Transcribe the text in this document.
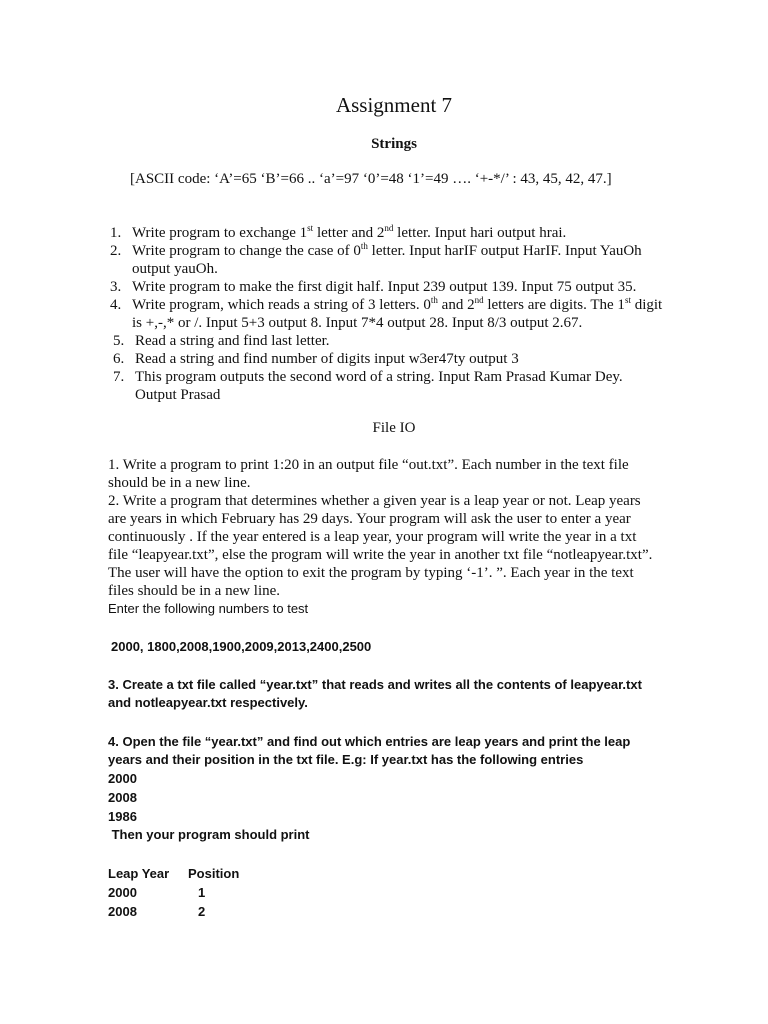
Assignment 7
Strings
[ASCII code: ‘A’=65 ‘B’=66 .. ‘a’=97 ‘0’=48 ‘1’=49 …. ‘+-*/’ : 43, 45, 42, 47.]
1. Write program to exchange 1st letter and 2nd letter. Input hari output hrai.
2. Write program to change the case of 0th letter. Input harIF output HarIF. Input YauOh output yauOh.
3. Write program to make the first digit half. Input 239 output 139. Input 75 output 35.
4. Write program, which reads a string of 3 letters. 0th and 2nd letters are digits. The 1st digit is +,-,* or /. Input 5+3 output 8. Input 7*4 output 28. Input 8/3 output 2.67.
5. Read a string and find last letter.
6. Read a string and find number of digits input w3er47ty output 3
7. This program outputs the second word of a string. Input Ram Prasad Kumar Dey. Output Prasad
File IO
1. Write a program to print 1:20 in an output file “out.txt”. Each number in the text file should be in a new line.
2. Write a program that determines whether a given year is a leap year or not. Leap years are years in which February has 29 days. Your program will ask the user to enter a year continuously . If the year entered is a leap year, your program will write the year in a txt file “leapyear.txt”, else the program will write the year in another txt file “notleapyear.txt”. The user will have the option to exit the program by typing ‘-1’. ”. Each year in the text files should be in a new line.
Enter the following numbers to test
2000, 1800,2008,1900,2009,2013,2400,2500
3. Create a txt file called “year.txt” that reads and writes all the contents of leapyear.txt
and notleapyear.txt respectively.
4. Open the file “year.txt” and find out which entries are leap years and print the leap
years and their position in the txt file. E.g: If year.txt has the following entries
2000
2008
1986
Then your program should print
Leap Year	Position
2000	1
2008	2
